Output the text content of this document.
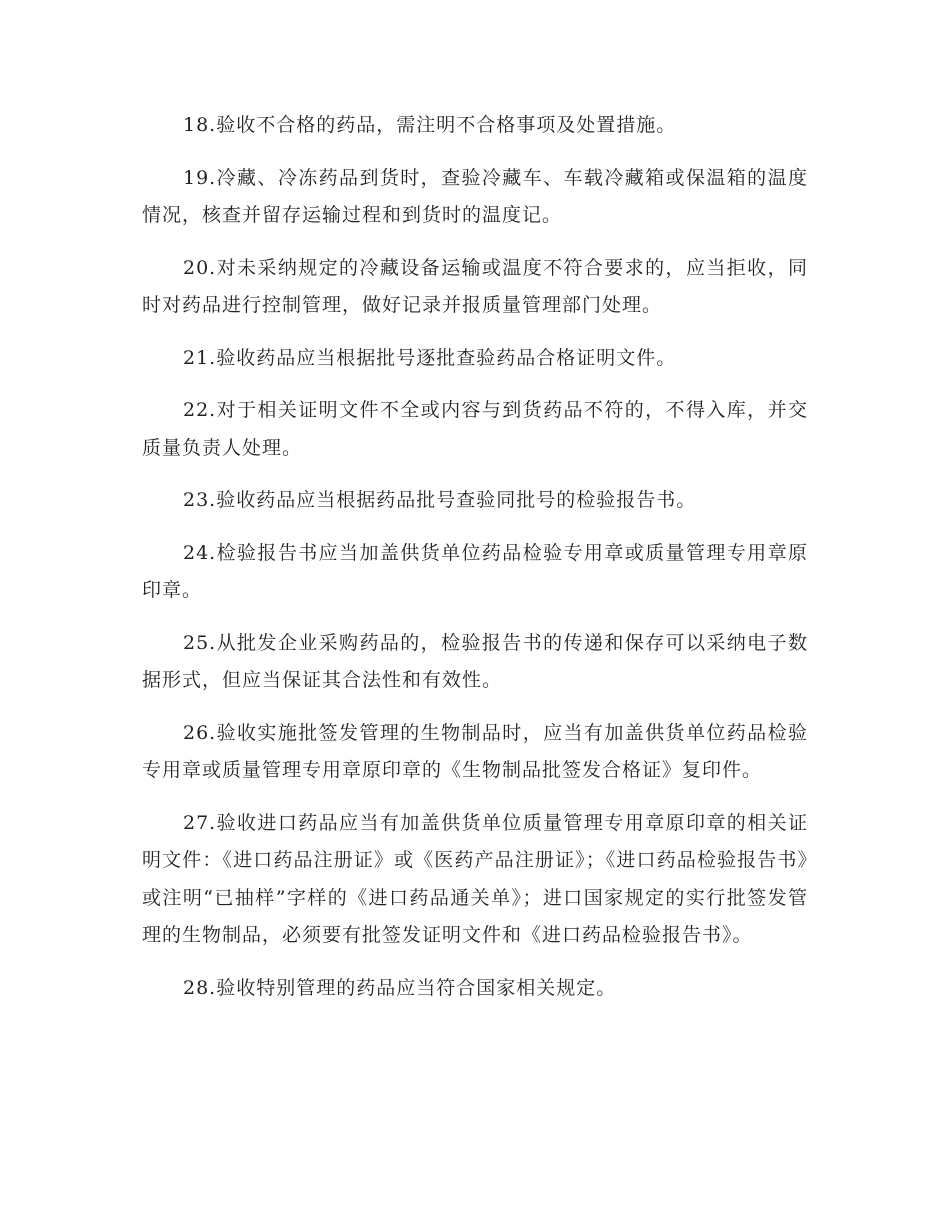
18.验收不合格的药品，需注明不合格事项及处置措施。

19.冷藏、冷冻药品到货时，查验冷藏车、车载冷藏箱或保温箱的温度情况，核查并留存运输过程和到货时的温度记。

20.对未采纳规定的冷藏设备运输或温度不符合要求的，应当拒收，同时对药品进行控制管理，做好记录并报质量管理部门处理。

21.验收药品应当根据批号逐批查验药品合格证明文件。

22.对于相关证明文件不全或内容与到货药品不符的，不得入库，并交质量负责人处理。

23.验收药品应当根据药品批号查验同批号的检验报告书。

24.检验报告书应当加盖供货单位药品检验专用章或质量管理专用章原印章。

25.从批发企业采购药品的，检验报告书的传递和保存可以采纳电子数据形式，但应当保证其合法性和有效性。

26.验收实施批签发管理的生物制品时，应当有加盖供货单位药品检验专用章或质量管理专用章原印章的《生物制品批签发合格证》复印件。

27.验收进口药品应当有加盖供货单位质量管理专用章原印章的相关证明文件：《进口药品注册证》或《医药产品注册证》；《进口药品检验报告书》或注明“已抽样”字样的《进口药品通关单》；进口国家规定的实行批签发管理的生物制品，必须要有批签发证明文件和《进口药品检验报告书》。

28.验收特别管理的药品应当符合国家相关规定。
